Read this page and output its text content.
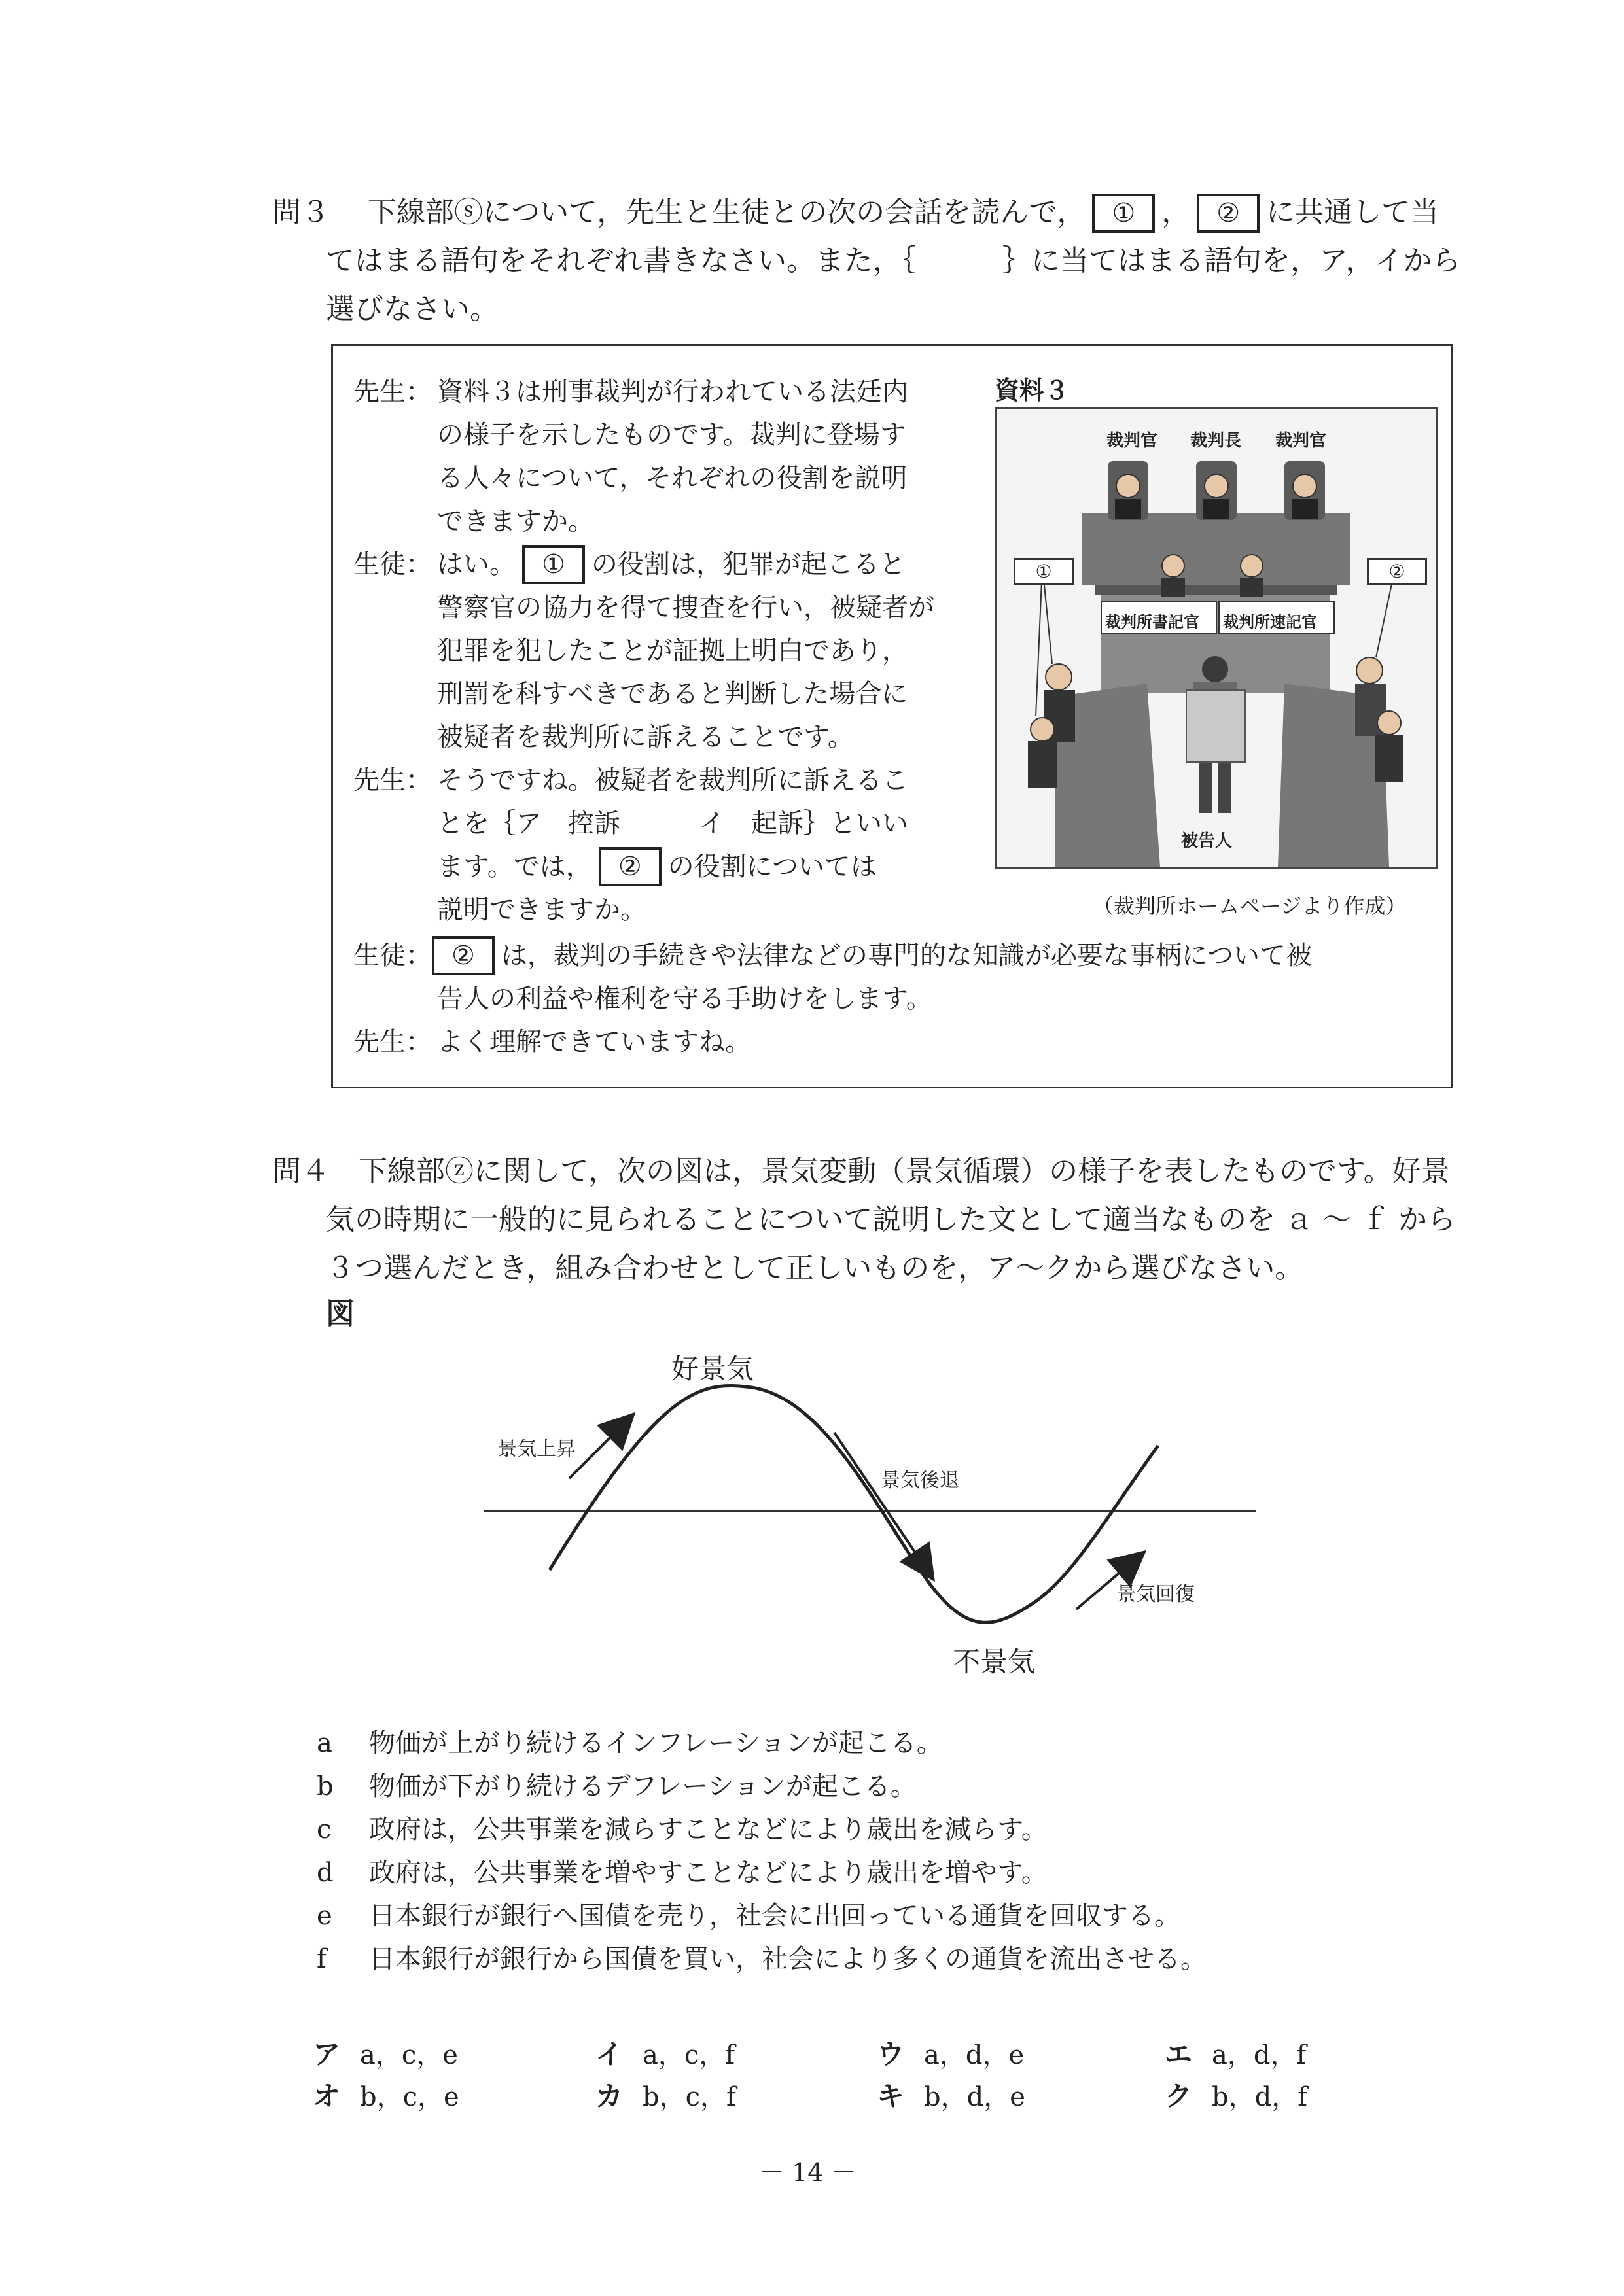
問３　 下線部ⓢについて，先生と生徒との次の会話を読んで， ① ， ② に共通して当
てはまる語句をそれぞれ書きなさい。また，｛　　　｝に当てはまる語句を，ア，イから
選びなさい。
先生： 資料３は刑事裁判が行われている法廷内
の様子を示したものです。裁判に登場す
る人々について，それぞれの役割を説明
できますか。
生徒： はい。 ① の役割は，犯罪が起こると
警察官の協力を得て捜査を行い，被疑者が
犯罪を犯したことが証拠上明白であり，
刑罰を科すべきであると判断した場合に
被疑者を裁判所に訴えることです。
先生： そうですね。被疑者を裁判所に訴えるこ
とを｛ア　控訴　　　イ　起訴｝といい
ます。では， ② の役割については
説明できますか。
生徒： ② は，裁判の手続きや法律などの専門的な知識が必要な事柄について被
告人の利益や権利を守る手助けをします。
先生： よく理解できていますね。
資料３
裁判官 裁判長 裁判官
裁判所書記官 裁判所速記官
被告人
①	②
（裁判所ホームページより作成）
問４　 下線部ⓩに関して，次の図は，景気変動（景気循環）の様子を表したものです。好景
気の時期に一般的に見られることについて説明した文として適当なものを ａ ～ ｆ から
３つ選んだとき，組み合わせとして正しいものを，ア～クから選びなさい。
図
好景気
景気上昇
景気後退
景気回復
不景気
a 物価が上がり続けるインフレーションが起こる。
b 物価が下がり続けるデフレーションが起こる。
c 政府は，公共事業を減らすことなどにより歳出を減らす。
d 政府は，公共事業を増やすことなどにより歳出を増やす。
e 日本銀行が銀行へ国債を売り，社会に出回っている通貨を回収する。
f 日本銀行が銀行から国債を買い，社会により多くの通貨を流出させる。
ア a，c，e	イ a，c，f	ウ a，d，e	エ a，d，f
オ b，c，e	カ b，c，f	キ b，d，e	ク b，d，f
－ 14 －
